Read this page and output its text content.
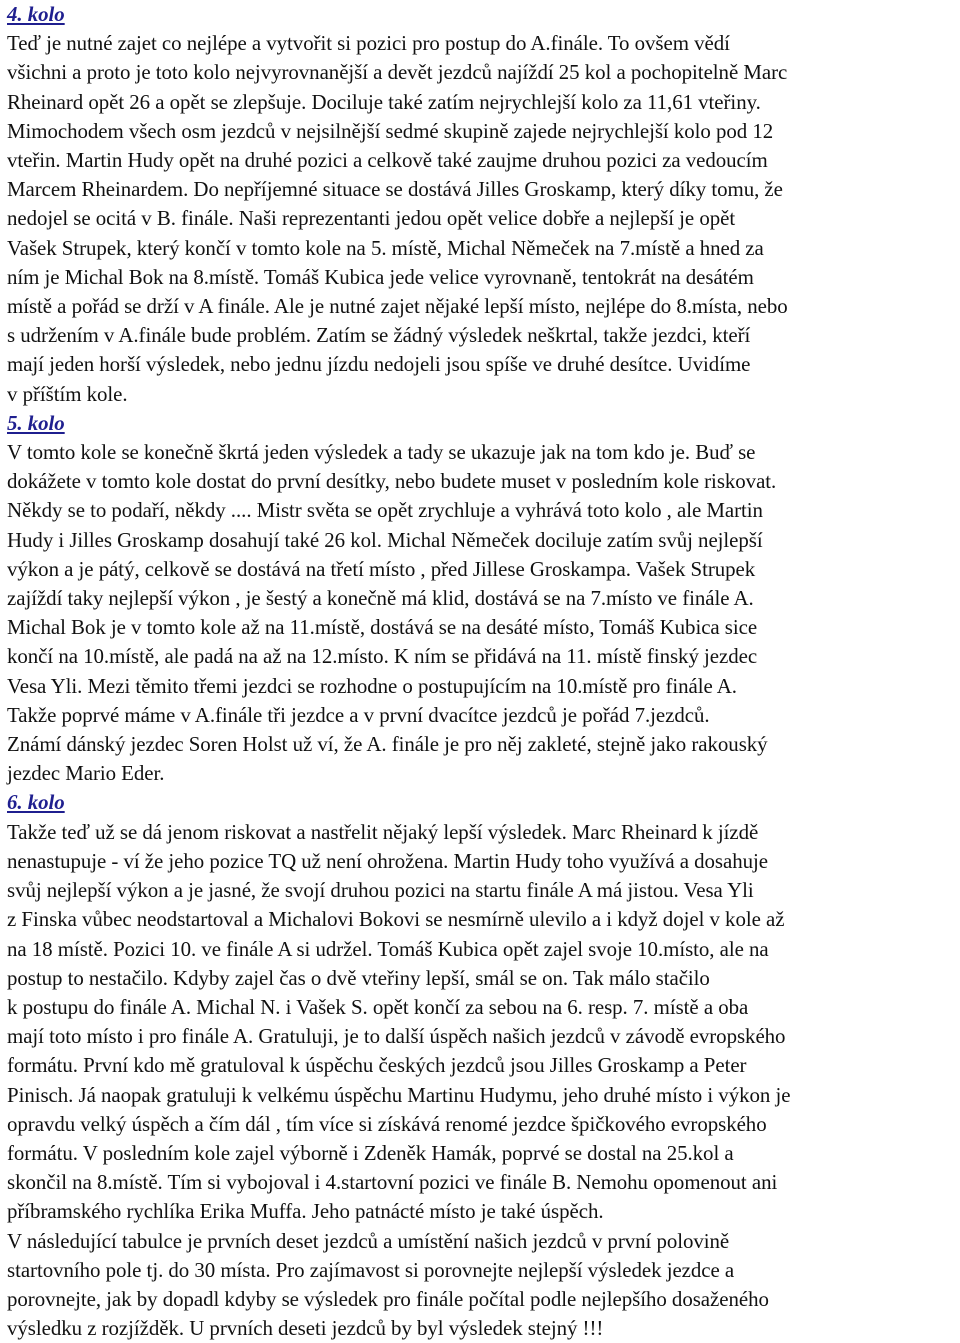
4. kolo

Teď je nutné zajet co nejlépe a vytvořit si pozici pro postup do A.finále. To ovšem vědí

všichni a proto je toto kolo nejvyrovnanější a devět jezdců najíždí 25 kol a pochopitelně Marc

Rheinard opět 26 a opět se zlepšuje. Dociluje také zatím nejrychlejší kolo za 11,61 vteřiny.

Mimochodem všech osm jezdců v nejsilnější sedmé skupině zajede nejrychlejší kolo pod 12

vteřin. Martin Hudy opět na druhé pozici a celkově také zaujme druhou pozici za vedoucím

Marcem Rheinardem. Do nepříjemné situace se dostává Jilles Groskamp, který díky tomu, že

nedojel se ocitá v B. finále. Naši reprezentanti jedou opět velice dobře a nejlepší je opět

Vašek Strupek, který končí v tomto kole na 5. místě, Michal Němeček na 7.místě a hned za

ním je Michal Bok na 8.místě. Tomáš Kubica jede velice vyrovnaně, tentokrát na desátém

místě a pořád se drží v A finále. Ale je nutné zajet nějaké lepší místo, nejlépe do 8.místa, nebo

s udržením v A.finále bude problém. Zatím se žádný výsledek neškrtal, takže jezdci, kteří

mají jeden horší výsledek, nebo jednu jízdu nedojeli jsou spíše ve druhé desítce. Uvidíme

v příštím kole.

5. kolo

V tomto kole se konečně škrtá jeden výsledek a tady se ukazuje jak na tom kdo je. Buď se

dokážete v tomto kole dostat do první desítky, nebo budete muset v posledním kole riskovat.

Někdy se to podaří, někdy .... Mistr světa se opět zrychluje a vyhrává toto kolo , ale Martin

Hudy i Jilles Groskamp dosahují také 26 kol. Michal Němeček dociluje zatím svůj nejlepší

výkon a je pátý, celkově se dostává na třetí místo , před Jillese Groskampa. Vašek Strupek

zajíždí taky nejlepší výkon , je šestý a konečně má klid, dostává se na 7.místo ve finále A.

Michal Bok je v tomto kole až na 11.místě, dostává se na desáté místo, Tomáš Kubica sice

končí na 10.místě, ale padá na až na 12.místo. K ním se přidává na 11. místě finský jezdec

Vesa Yli. Mezi těmito třemi jezdci se rozhodne o postupujícím na 10.místě pro finále A.

Takže poprvé máme v A.finále tři jezdce a v první dvacítce jezdců je pořád 7.jezdců.

Známí dánský jezdec Soren Holst už ví, že A. finále je pro něj zakleté, stejně jako rakouský

jezdec Mario Eder.

6. kolo

Takže teď už se dá jenom riskovat a nastřelit nějaký lepší výsledek. Marc Rheinard k jízdě

nenastupuje - ví že jeho pozice TQ už není ohrožena. Martin Hudy toho využívá a dosahuje

svůj nejlepší výkon a je jasné, že svojí druhou pozici na startu finále A má jistou. Vesa Yli

z Finska vůbec neodstartoval a Michalovi Bokovi se nesmírně ulevilo a i když dojel v kole až

na 18 místě. Pozici 10. ve finále A si udržel. Tomáš Kubica opět zajel svoje 10.místo, ale na

postup to nestačilo. Kdyby zajel čas o dvě vteřiny lepší, smál se on. Tak málo stačilo

k postupu do finále A. Michal N. i Vašek S. opět končí za sebou na 6. resp. 7. místě a oba

mají toto místo i pro finále A. Gratuluji, je to další úspěch našich jezdců v závodě evropského

formátu. První kdo mě gratuloval k úspěchu českých jezdců jsou Jilles Groskamp a Peter

Pinisch. Já naopak gratuluji k velkému úspěchu Martinu Hudymu, jeho druhé místo i výkon je

opravdu velký úspěch a čím dál , tím více si získává renomé jezdce špičkového evropského

formátu. V posledním kole zajel výborně i Zdeněk Hamák, poprvé se dostal na 25.kol a

skončil na 8.místě. Tím si vybojoval i 4.startovní pozici ve finále B. Nemohu opomenout ani

příbramského rychlíka Erika Muffa. Jeho patnácté místo je také úspěch.

V následující tabulce je prvních deset jezdců a umístění našich jezdců v první polovině

startovního pole tj. do 30 místa. Pro zajímavost si porovnejte nejlepší výsledek jezdce a

porovnejte, jak by dopadl kdyby se výsledek pro finále počítal podle nejlepšího dosaženého

výsledku z rozjížděk. U prvních deseti jezdců by byl výsledek stejný !!!
